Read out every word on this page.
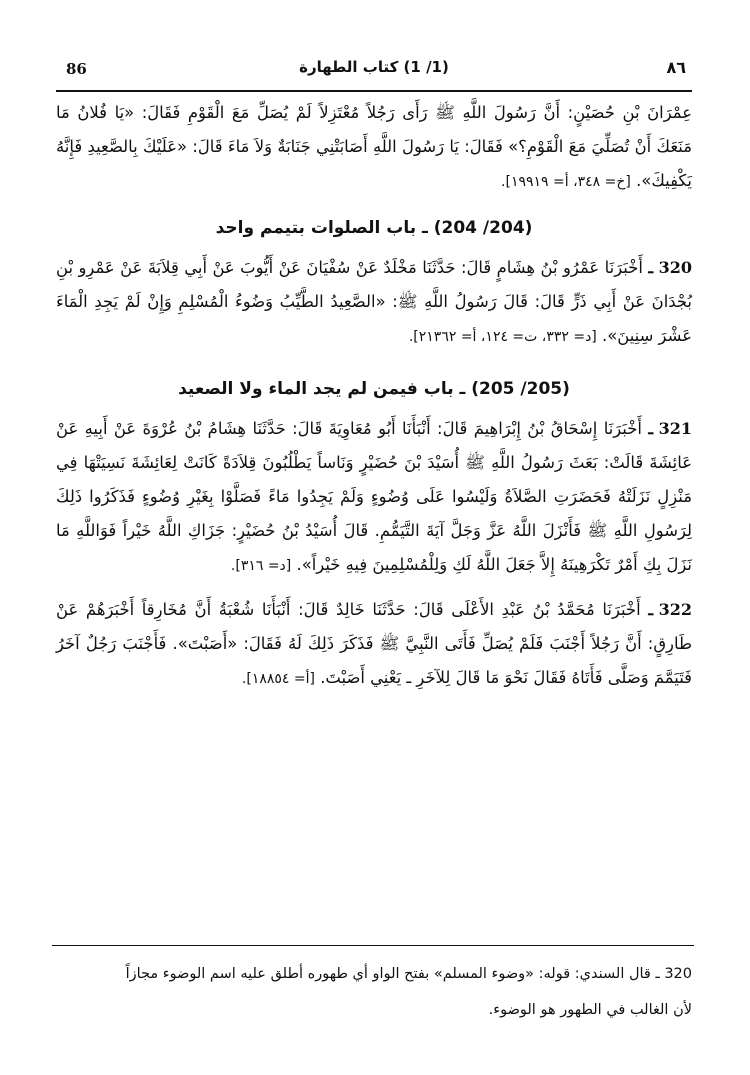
86	(1/ 1) كتاب الطهارة	٨٦

عِمْرَانَ بْنِ حُصَيْنٍ: أَنَّ رَسُولَ اللَّهِ ﷺ رَأَى رَجُلاً مُعْتَزِلاً لَمْ يُصَلِّ مَعَ الْقَوْمِ فَقَالَ: «يَا فُلانُ مَا مَنَعَكَ أَنْ تُصَلِّيَ مَعَ الْقَوْمِ؟» فَقَالَ: يَا رَسُولَ اللَّهِ أَصَابَتْنِي جَنَابَةٌ وَلاَ مَاءَ قَالَ: «عَلَيْكَ بِالصَّعِيدِ فَإِنَّهُ يَكْفِيكَ». [خ= ٣٤٨، أ= ١٩٩١٩].

(204/ 204) ـ باب الصلوات بتيمم واحد

320 ـ أَخْبَرَنَا عَمْرُو بْنُ هِشَامٍ قَالَ: حَدَّثَنَا مَخْلَدٌ عَنْ سُفْيَانَ عَنْ أَيُّوبَ عَنْ أَبِي قِلاَبَةَ عَنْ عَمْرِو بْنِ بُجْدَانَ عَنْ أَبِي ذَرٍّ قَالَ: قَالَ رَسُولُ اللَّهِ ﷺ: «الصَّعِيدُ الطَّيِّبُ وَضُوءُ الْمُسْلِمِ وَإِنْ لَمْ يَجِدِ الْمَاءَ عَشْرَ سِنِينَ». [د= ٣٣٢، ت= ١٢٤، أ= ٢١٣٦٢].

(205/ 205) ـ باب فيمن لم يجد الماء ولا الصعيد

321 ـ أَخْبَرَنَا إِسْحَاقُ بْنُ إِبْرَاهِيمَ قَالَ: أَنْبَأَنَا أَبُو مُعَاوِيَةَ قَالَ: حَدَّثَنَا هِشَامُ بْنُ عُرْوَةَ عَنْ أَبِيهِ عَنْ عَائِشَةَ قَالَتْ: بَعَثَ رَسُولُ اللَّهِ ﷺ أُسَيْدَ بْنَ حُضَيْرٍ وَنَاساً يَطْلُبُونَ قِلاَدَةً كَانَتْ لِعَائِشَةَ نَسِيَتْهَا فِي مَنْزِلٍ نَزَلَتْهُ فَحَضَرَتِ الصَّلاَةُ وَلَيْسُوا عَلَى وُضُوءٍ وَلَمْ يَجِدُوا مَاءً فَصَلَّوْا بِغَيْرِ وُضُوءٍ فَذَكَرُوا ذَلِكَ لِرَسُولِ اللَّهِ ﷺ فَأَنْزَلَ اللَّهُ عَزَّ وَجَلَّ آيَةَ التَّيَمُّمِ. قَالَ أُسَيْدُ بْنُ حُضَيْرٍ: جَزَاكِ اللَّهُ خَيْراً فَوَاللَّهِ مَا نَزَلَ بِكِ أَمْرٌ تَكْرَهِينَهُ إِلاَّ جَعَلَ اللَّهُ لَكِ وَلِلْمُسْلِمِينَ فِيهِ خَيْراً». [د= ٣١٦].

322 ـ أَخْبَرَنَا مُحَمَّدُ بْنُ عَبْدِ الأَعْلَى قَالَ: حَدَّثَنَا خَالِدٌ قَالَ: أَنْبَأَنَا شُعْبَةُ أَنَّ مُخَارِقاً أَخْبَرَهُمْ عَنْ طَارِقٍ: أَنَّ رَجُلاً أَجْنَبَ فَلَمْ يُصَلِّ فَأَتَى النَّبِيَّ ﷺ فَذَكَرَ ذَلِكَ لَهُ فَقَالَ: «أَصَبْتَ». فَأَجْنَبَ رَجُلٌ آخَرُ فَتَيَمَّمَ وَصَلَّى فَأَتَاهُ فَقَالَ نَحْوَ مَا قَالَ لِلآخَرِ ـ يَعْنِي أَصَبْتَ. [أ= ١٨٨٥٤].

320 ـ قال السندي: قوله: «وضوء المسلم» بفتح الواو أي طهوره أطلق عليه اسم الوضوء مجازاً
لأن الغالب في الطهور هو الوضوء.
